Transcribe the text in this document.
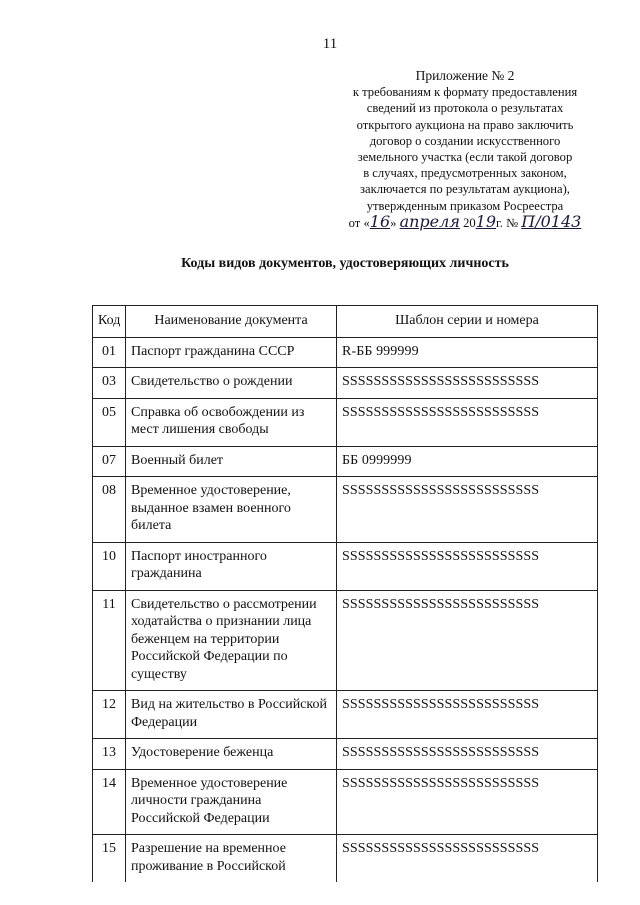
11
Приложение № 2
к требованиям к формату предоставления
сведений из протокола о результатах
открытого аукциона на право заключить
договор о создании искусственного
земельного участка (если такой договор
в случаях, предусмотренных законом,
заключается по результатам аукциона),
утвержденным приказом Росреестра
от «16» апреля 2019г. № П/0143
Коды видов документов, удостоверяющих личность
Код	Наименование документа	Шаблон серии и номера
01	Паспорт гражданина СССР	R-ББ 999999
03	Свидетельство о рождении	SSSSSSSSSSSSSSSSSSSSSSSSS
05	Справка об освобождении из мест лишения свободы	SSSSSSSSSSSSSSSSSSSSSSSSS
07	Военный билет	ББ 0999999
08	Временное удостоверение, выданное взамен военного билета	SSSSSSSSSSSSSSSSSSSSSSSSS
10	Паспорт иностранного гражданина	SSSSSSSSSSSSSSSSSSSSSSSSS
11	Свидетельство о рассмотрении ходатайства о признании лица беженцем на территории Российской Федерации по существу	SSSSSSSSSSSSSSSSSSSSSSSSS
12	Вид на жительство в Российской Федерации	SSSSSSSSSSSSSSSSSSSSSSSSS
13	Удостоверение беженца	SSSSSSSSSSSSSSSSSSSSSSSSS
14	Временное удостоверение личности гражданина Российской Федерации	SSSSSSSSSSSSSSSSSSSSSSSSS
15	Разрешение на временное проживание в Российской	SSSSSSSSSSSSSSSSSSSSSSSSS
